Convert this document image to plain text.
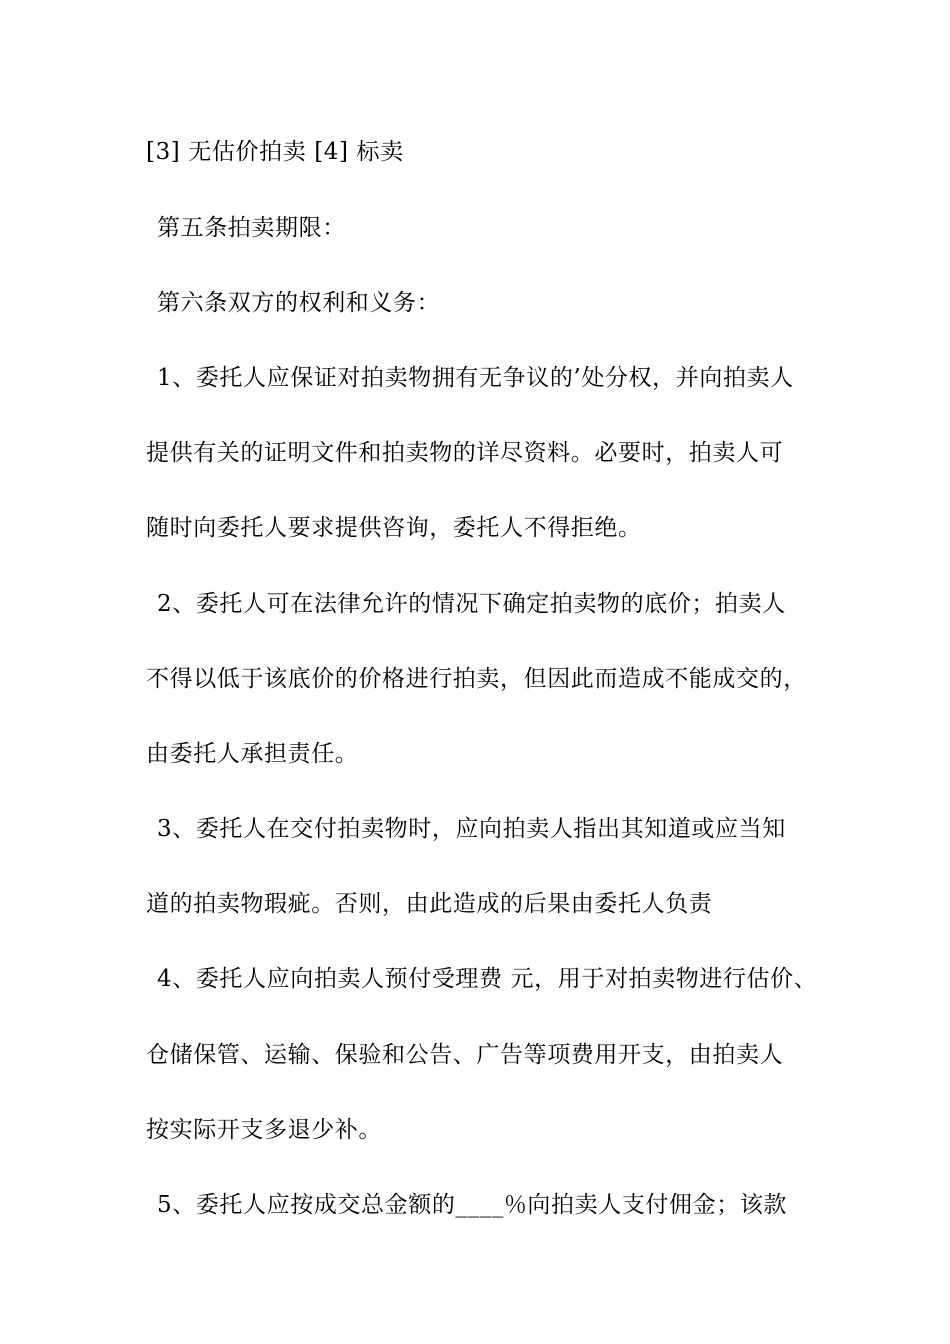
[3] 无估价拍卖 [4] 标卖
第五条拍卖期限：
第六条双方的权利和义务：
1、委托人应保证对拍卖物拥有无争议的’处分权，并向拍卖人
提供有关的证明文件和拍卖物的详尽资料。必要时，拍卖人可
随时向委托人要求提供咨询，委托人不得拒绝。
2、委托人可在法律允许的情况下确定拍卖物的底价；拍卖人
不得以低于该底价的价格进行拍卖，但因此而造成不能成交的，
由委托人承担责任。
3、委托人在交付拍卖物时，应向拍卖人指出其知道或应当知
道的拍卖物瑕疵。否则，由此造成的后果由委托人负责
4、委托人应向拍卖人预付受理费 元，用于对拍卖物进行估价、
仓储保管、运输、保验和公告、广告等项费用开支，由拍卖人
按实际开支多退少补。
5、委托人应按成交总金额的____％向拍卖人支付佣金；该款
